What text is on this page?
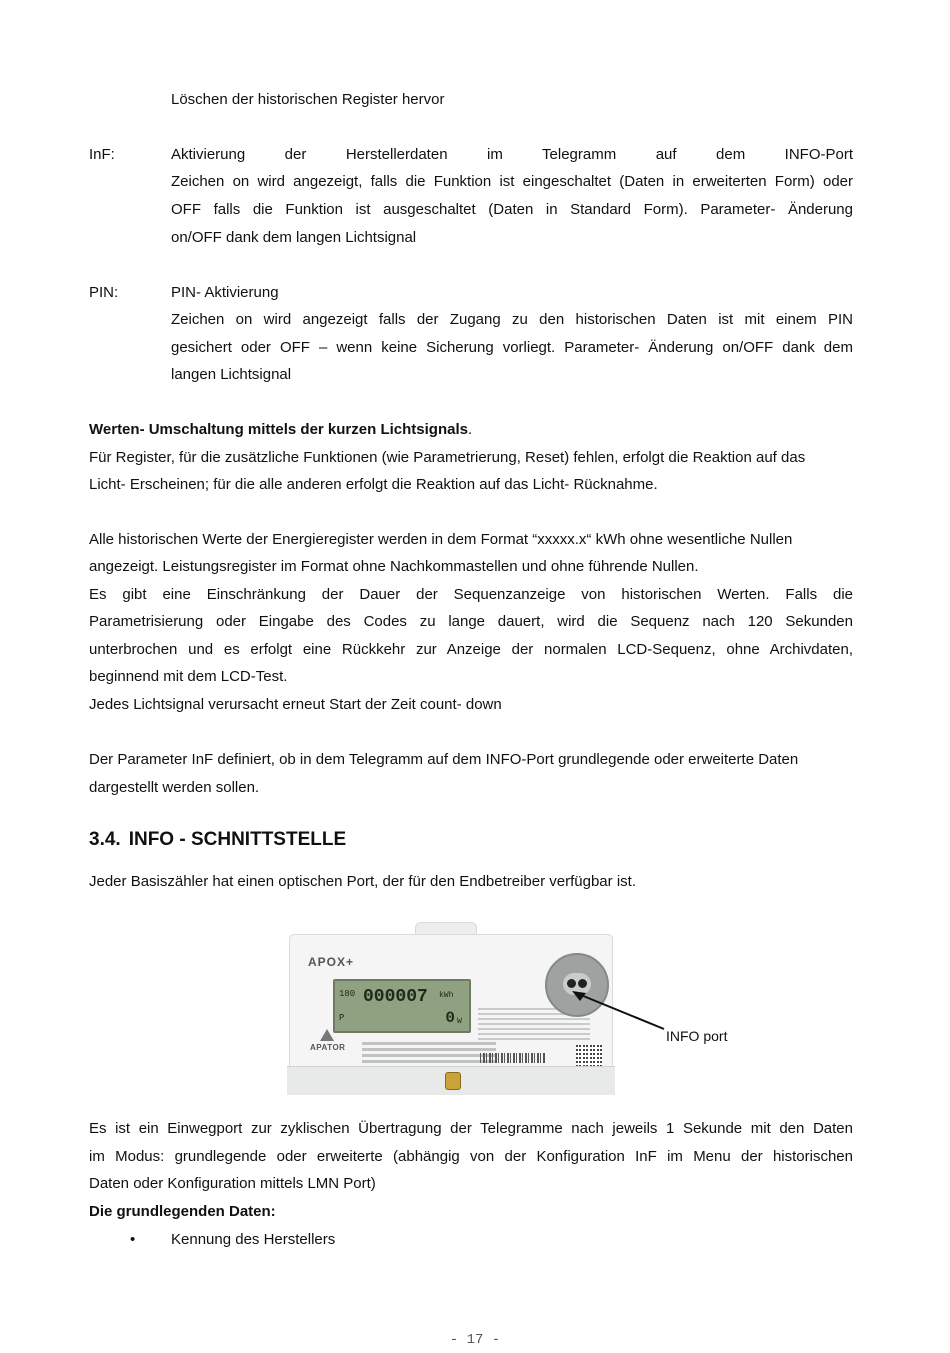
Löschen der historischen Register hervor
InF:	Aktivierung der Herstellerdaten im Telegramm auf dem INFO-Port
Zeichen on wird angezeigt, falls die Funktion ist eingeschaltet (Daten in erweiterten Form) oder
OFF falls die Funktion ist ausgeschaltet (Daten in Standard Form). Parameter- Änderung
on/OFF dank dem langen Lichtsignal
PIN:	PIN- Aktivierung
Zeichen on wird angezeigt falls der Zugang zu den historischen Daten ist mit einem PIN
gesichert oder OFF – wenn keine Sicherung vorliegt. Parameter- Änderung on/OFF dank dem
langen Lichtsignal
Werten- Umschaltung mittels der kurzen Lichtsignals.
Für Register, für die zusätzliche Funktionen (wie Parametrierung, Reset) fehlen, erfolgt die Reaktion auf das
Licht- Erscheinen; für die alle anderen erfolgt die Reaktion auf das Licht- Rücknahme.
Alle historischen Werte der Energieregister werden in dem Format “xxxxx.x“ kWh ohne wesentliche Nullen
angezeigt. Leistungsregister im Format ohne Nachkommastellen und ohne führende Nullen.
Es gibt eine Einschränkung der Dauer der Sequenzanzeige von historischen Werten. Falls die
Parametrisierung oder Eingabe des Codes zu lange dauert, wird die Sequenz nach 120 Sekunden
unterbrochen und es erfolgt eine Rückkehr zur Anzeige der normalen LCD-Sequenz, ohne Archivdaten,
beginnend mit dem LCD-Test.
Jedes Lichtsignal verursacht erneut Start der Zeit count- down
Der Parameter InF definiert, ob in dem Telegramm auf dem INFO-Port grundlegende oder erweiterte Daten
dargestellt werden sollen.
3.4. INFO - SCHNITTSTELLE
Jeder Basiszähler hat einen optischen Port, der für den Endbetreiber verfügbar ist.
APOX+
180 000007 kWh
P	0 W
APATOR
INFO port
Es ist ein Einwegport zur zyklischen Übertragung der Telegramme nach jeweils 1 Sekunde mit den Daten
im Modus: grundlegende oder erweiterte (abhängig von der Konfiguration InF im Menu der historischen
Daten oder Konfiguration mittels LMN Port)
Die grundlegenden Daten:
• Kennung des Herstellers
- 17 -
